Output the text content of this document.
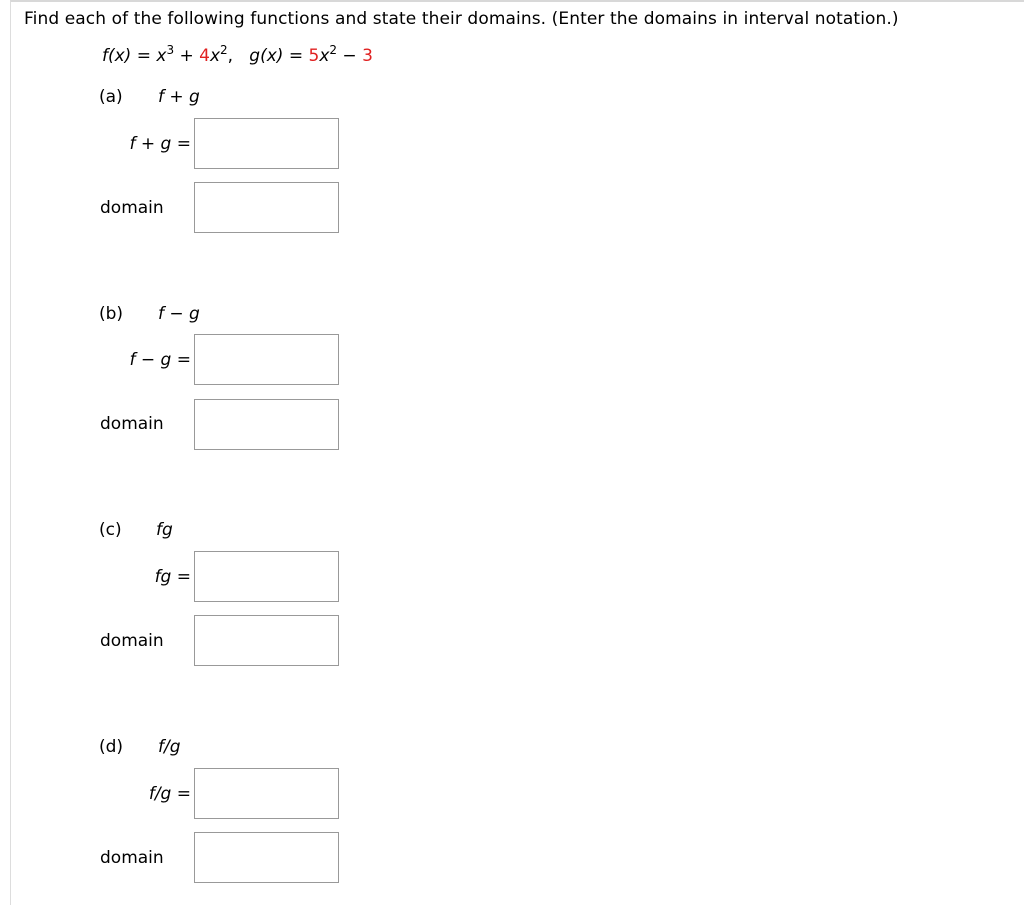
Find each of the following functions and state their domains. (Enter the domains in interval notation.)
$f(x) = x^3 + 4x^2$,   $g(x) = 5x^2 - 3$
(a) f + g
f + g =
domain
(b) f − g
f − g =
domain
(c) fg
fg =
domain
(d) f/g
f/g =
domain
